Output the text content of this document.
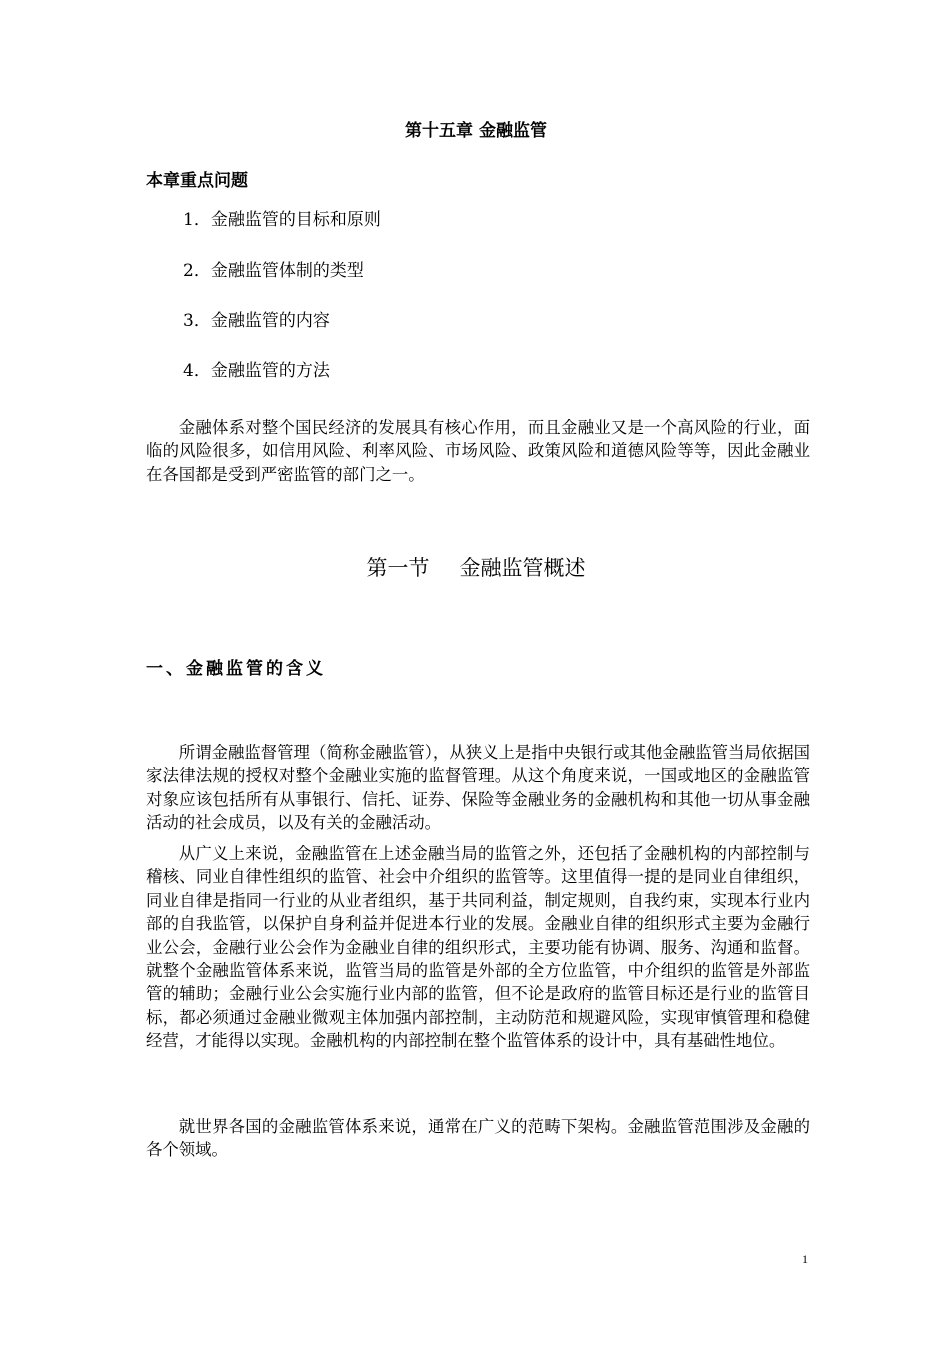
第十五章 金融监管
本章重点问题
1．金融监管的目标和原则
2．金融监管体制的类型
3．金融监管的内容
4．金融监管的方法

金融体系对整个国民经济的发展具有核心作用，而且金融业又是一个高风险的行业，面临的风险很多，如信用风险、利率风险、市场风险、政策风险和道德风险等等，因此金融业在各国都是受到严密监管的部门之一。

第一节 金融监管概述
一、金融监管的含义

所谓金融监督管理（简称金融监管），从狭义上是指中央银行或其他金融监管当局依据国家法律法规的授权对整个金融业实施的监督管理。从这个角度来说，一国或地区的金融监管对象应该包括所有从事银行、信托、证券、保险等金融业务的金融机构和其他一切从事金融活动的社会成员，以及有关的金融活动。

从广义上来说，金融监管在上述金融当局的监管之外，还包括了金融机构的内部控制与稽核、同业自律性组织的监管、社会中介组织的监管等。这里值得一提的是同业自律组织，同业自律是指同一行业的从业者组织，基于共同利益，制定规则，自我约束，实现本行业内部的自我监管，以保护自身利益并促进本行业的发展。金融业自律的组织形式主要为金融行业公会，金融行业公会作为金融业自律的组织形式，主要功能有协调、服务、沟通和监督。就整个金融监管体系来说，监管当局的监管是外部的全方位监管，中介组织的监管是外部监管的辅助；金融行业公会实施行业内部的监管，但不论是政府的监管目标还是行业的监管目标，都必须通过金融业微观主体加强内部控制，主动防范和规避风险，实现审慎管理和稳健经营，才能得以实现。金融机构的内部控制在整个监管体系的设计中，具有基础性地位。

就世界各国的金融监管体系来说，通常在广义的范畴下架构。金融监管范围涉及金融的各个领域。

1
